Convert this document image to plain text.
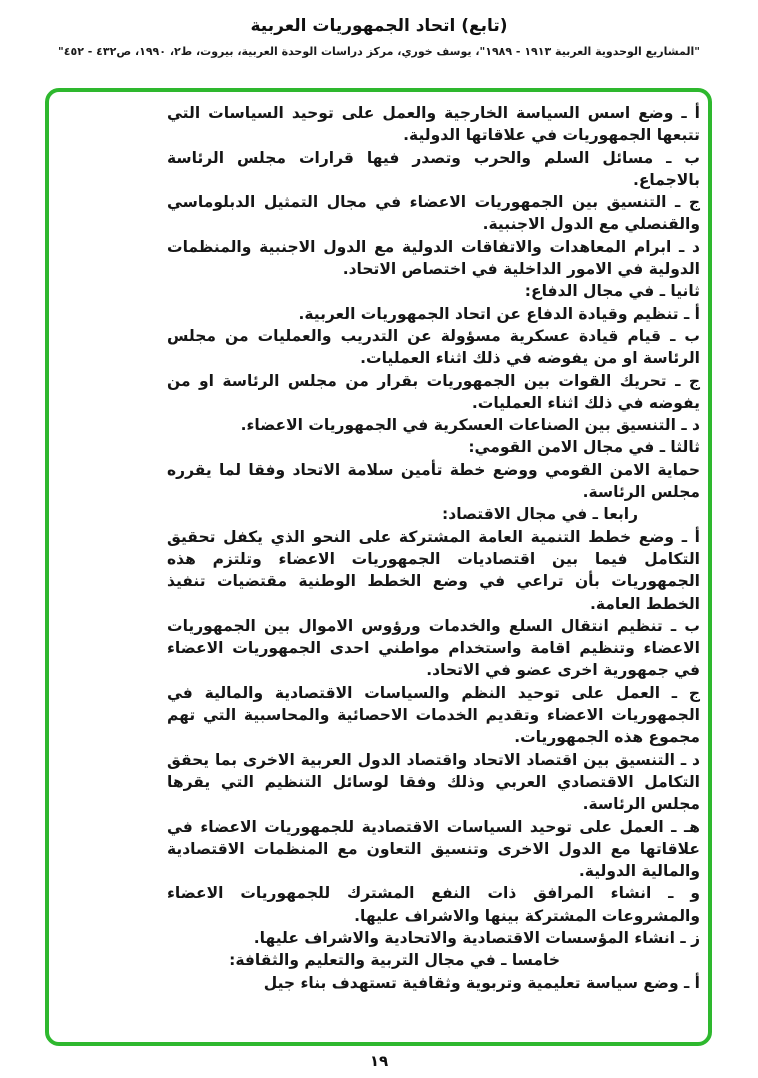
(تابع) اتحاد الجمهوريات العربية
"المشاريع الوحدوية العربية ١٩١٣ - ١٩٨٩"، يوسف خوري، مركز دراسات الوحدة العربية، بيروت، ط٢، ١٩٩٠، ص٤٣٢ - ٤٥٢"

أ ـ وضع اسس السياسة الخارجية والعمل على توحيد السياسات التي تتبعها الجمهوريات في علاقاتها الدولية.

ب ـ مسائل السلم والحرب وتصدر فيها قرارات مجلس الرئاسة بالاجماع.

ج ـ التنسيق بين الجمهوريات الاعضاء في مجال التمثيل الدبلوماسي والقنصلي مع الدول الاجنبية.

د ـ ابرام المعاهدات والاتفاقات الدولية مع الدول الاجنبية والمنظمات الدولية في الامور الداخلية في اختصاص الاتحاد.

ثانيا ـ في مجال الدفاع:

أ ـ تنظيم وقيادة الدفاع عن اتحاد الجمهوريات العربية.

ب ـ قيام قيادة عسكرية مسؤولة عن التدريب والعمليات من مجلس الرئاسة او من يفوضه في ذلك اثناء العمليات.

ج ـ تحريك القوات بين الجمهوريات بقرار من مجلس الرئاسة او من يفوضه في ذلك اثناء العمليات.

د ـ التنسيق بين الصناعات العسكرية في الجمهوريات الاعضاء.

ثالثا ـ في مجال الامن القومي:

حماية الامن القومي ووضع خطة تأمين سلامة الاتحاد وفقا لما يقرره مجلس الرئاسة.

رابعا ـ في مجال الاقتصاد:

أ ـ وضع خطط التنمية العامة المشتركة على النحو الذي يكفل تحقيق التكامل فيما بين اقتصاديات الجمهوريات الاعضاء وتلتزم هذه الجمهوريات بأن تراعي في وضع الخطط الوطنية مقتضيات تنفيذ الخطط العامة.

ب ـ تنظيم انتقال السلع والخدمات ورؤوس الاموال بين الجمهوريات الاعضاء وتنظيم اقامة واستخدام مواطني احدى الجمهوريات الاعضاء في جمهورية اخرى عضو في الاتحاد.

ج ـ العمل على توحيد النظم والسياسات الاقتصادية والمالية في الجمهوريات الاعضاء وتقديم الخدمات الاحصائية والمحاسبية التي تهم مجموع هذه الجمهوريات.

د ـ التنسيق بين اقتصاد الاتحاد واقتصاد الدول العربية الاخرى بما يحقق التكامل الاقتصادي العربي وذلك وفقا لوسائل التنظيم التي يقرها مجلس الرئاسة.

هـ ـ العمل على توحيد السياسات الاقتصادية للجمهوريات الاعضاء في علاقاتها مع الدول الاخرى وتنسيق التعاون مع المنظمات الاقتصادية والمالية الدولية.

و ـ انشاء المرافق ذات النفع المشترك للجمهوريات الاعضاء والمشروعات المشتركة بينها والاشراف عليها.

ز ـ انشاء المؤسسات الاقتصادية والاتحادية والاشراف عليها.

خامسا ـ في مجال التربية والتعليم والثقافة:

أ ـ وضع سياسة تعليمية وتربوية وثقافية تستهدف بناء جيل

١٩
